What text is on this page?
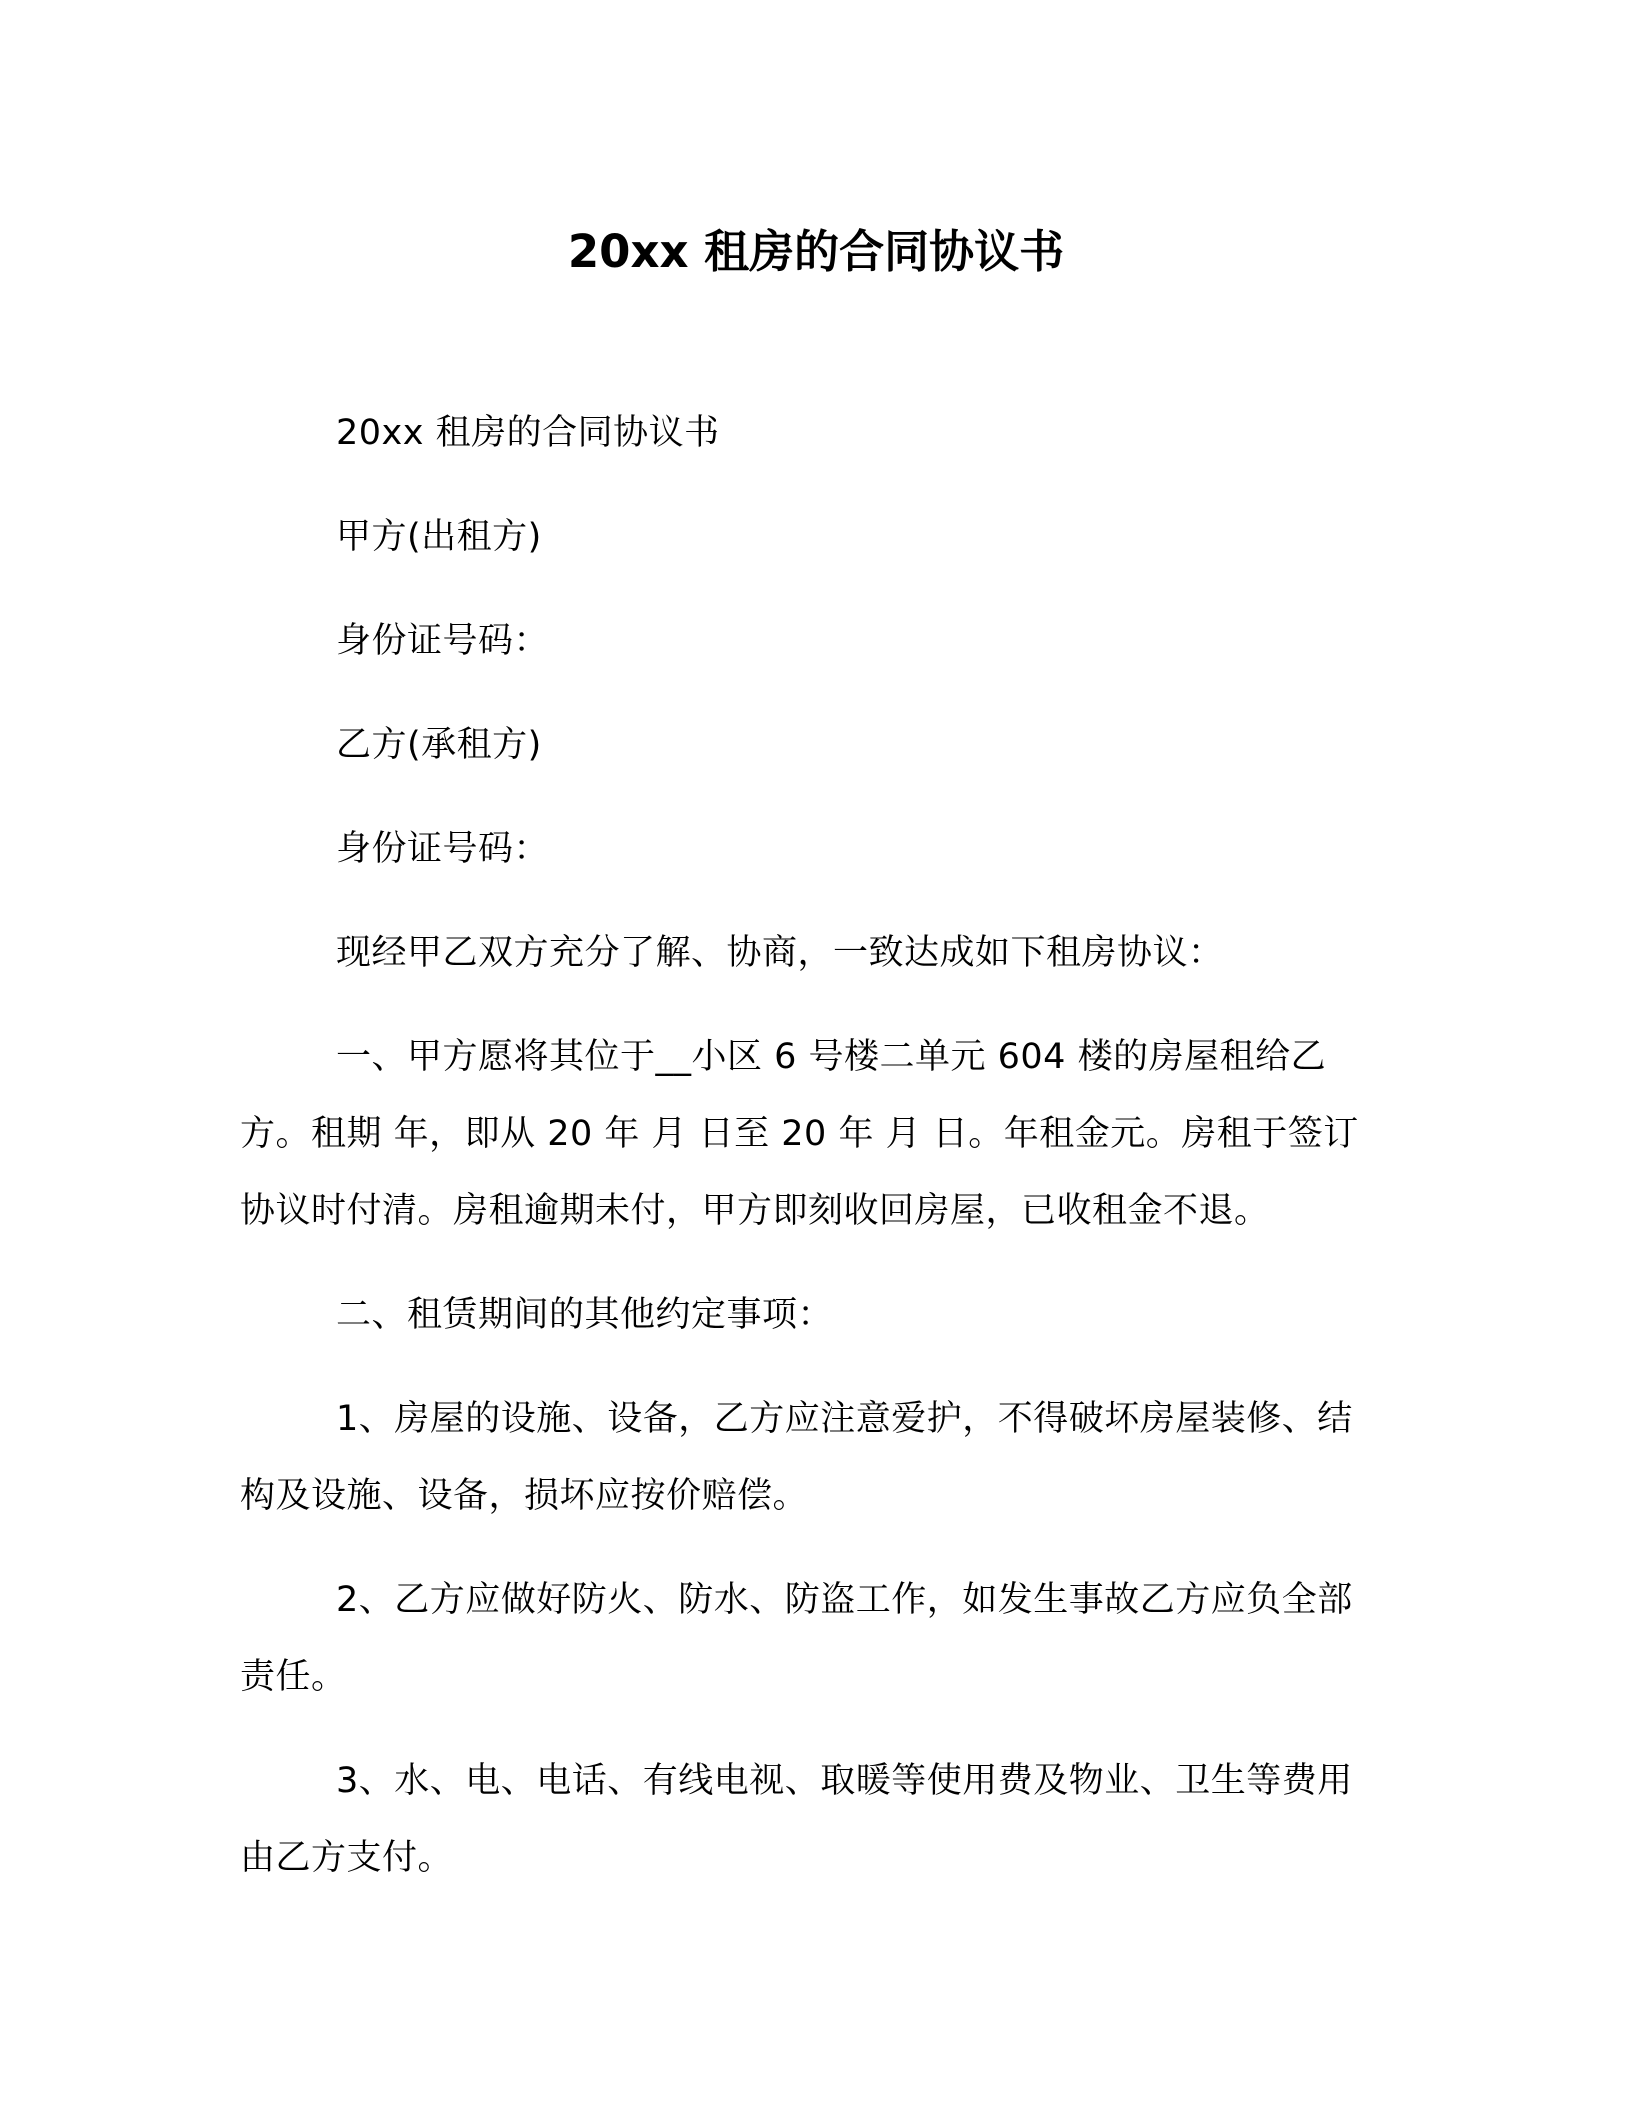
20xx 租房的合同协议书

20xx 租房的合同协议书

甲方(出租方)

身份证号码：

乙方(承租方)

身份证号码：

现经甲乙双方充分了解、协商，一致达成如下租房协议：

一、甲方愿将其位于__小区 6 号楼二单元 604 楼的房屋租给乙方。租期 年，即从 20 年 月 日至 20 年 月 日。年租金元。房租于签订协议时付清。房租逾期未付，甲方即刻收回房屋，已收租金不退。

二、租赁期间的其他约定事项：

1、房屋的设施、设备，乙方应注意爱护，不得破坏房屋装修、结构及设施、设备，损坏应按价赔偿。

2、乙方应做好防火、防水、防盗工作，如发生事故乙方应负全部责任。

3、水、电、电话、有线电视、取暖等使用费及物业、卫生等费用由乙方支付。
